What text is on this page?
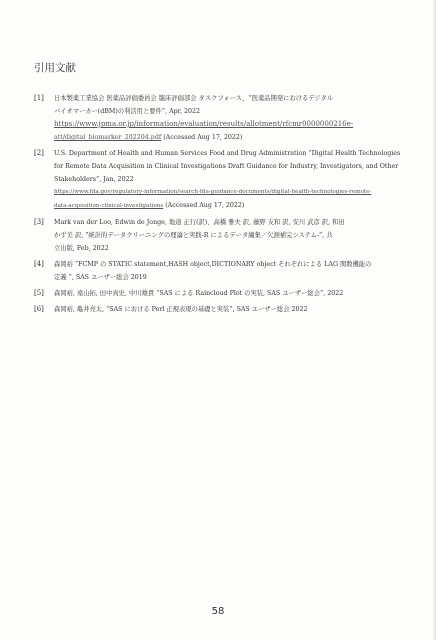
引用文献
[1]	日本製薬工業協会 医薬品評価委員会 臨床評価部会 タスクフォース，“医薬品開発におけるデジタル
バイオマーカー(dBM)の利活用と要件”, Apr, 2022
https://www.jpma.or.jp/information/evaluation/results/allotment/rfcmr0000000216e-
att/digital_biomarker_202204.pdf (Accessed Aug 17, 2022)
[2]	U.S. Department of Health and Human Services Food and Drug Administration “Digital Health Technologies
for Remote Data Acquisition in Clinical Investigations Draft Guidance for Industry, Investigators, and Other
Stakeholders”, Jan, 2022
https://www.fda.gov/regulatory-information/search-fda-guidance-documents/digital-health-technologies-remote-
data-acquisition-clinical-investigations (Accessed Aug 17, 2022)
[3]	Mark van der Loo, Edwin de Jonge, 地道 正行(訳)、高橋 雅夫 訳, 藤野 友和 訳, 安川 武彦 訳, 和田
かず美 訳, ”統計的データクリーニングの理論と実践-R によるデータ編集／欠測補完システム-”, 共
立出版, Feb, 2022
[4]	森岡裕 “FCMP の STATIC statement,HASH object,DICTIONARY object それぞれによる LAG 関数機能の
定義 ”, SAS ユーザー総会 2019
[5]	森岡裕, 遠山拓, 田中真史, 中川雄貴 “SAS による Raincloud Plot の実装, SAS ユーザー総会”, 2022
[6]	森岡裕, 亀井亮太, “SAS における Perl 正規表現の基礎と実装”, SAS ユーザー総会 2022
58
